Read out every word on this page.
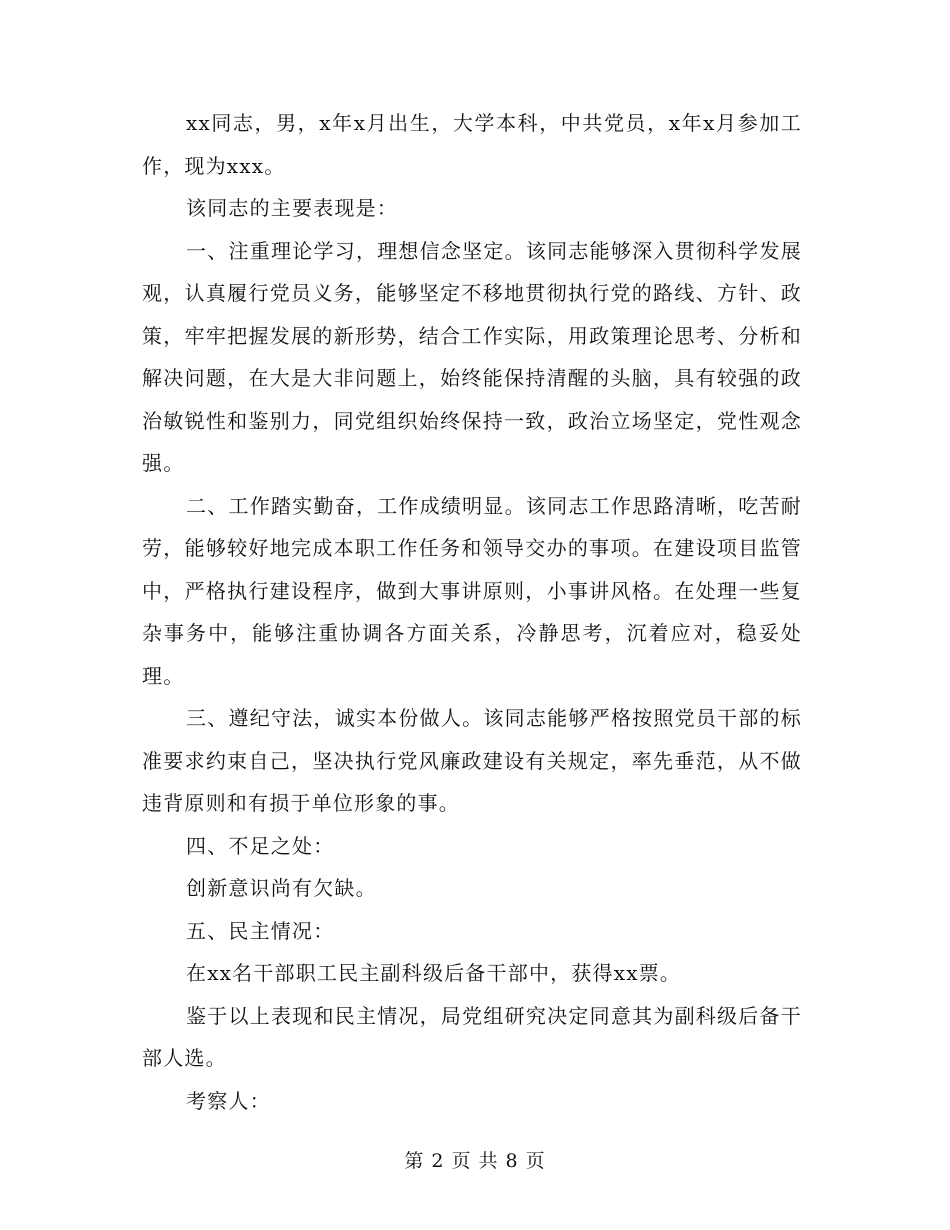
xx同志，男，x年x月出生，大学本科，中共党员，x年x月参加工作，现为xxx。

该同志的主要表现是：

一、注重理论学习，理想信念坚定。该同志能够深入贯彻科学发展观，认真履行党员义务，能够坚定不移地贯彻执行党的路线、方针、政策，牢牢把握发展的新形势，结合工作实际，用政策理论思考、分析和解决问题，在大是大非问题上，始终能保持清醒的头脑，具有较强的政治敏锐性和鉴别力，同党组织始终保持一致，政治立场坚定，党性观念强。

二、工作踏实勤奋，工作成绩明显。该同志工作思路清晰，吃苦耐劳，能够较好地完成本职工作任务和领导交办的事项。在建设项目监管中，严格执行建设程序，做到大事讲原则，小事讲风格。在处理一些复杂事务中，能够注重协调各方面关系，冷静思考，沉着应对，稳妥处理。

三、遵纪守法，诚实本份做人。该同志能够严格按照党员干部的标准要求约束自己，坚决执行党风廉政建设有关规定，率先垂范，从不做违背原则和有损于单位形象的事。

四、不足之处：

创新意识尚有欠缺。

五、民主情况：

在xx名干部职工民主副科级后备干部中，获得xx票。

鉴于以上表现和民主情况，局党组研究决定同意其为副科级后备干部人选。

考察人：

第 2 页 共 8 页
